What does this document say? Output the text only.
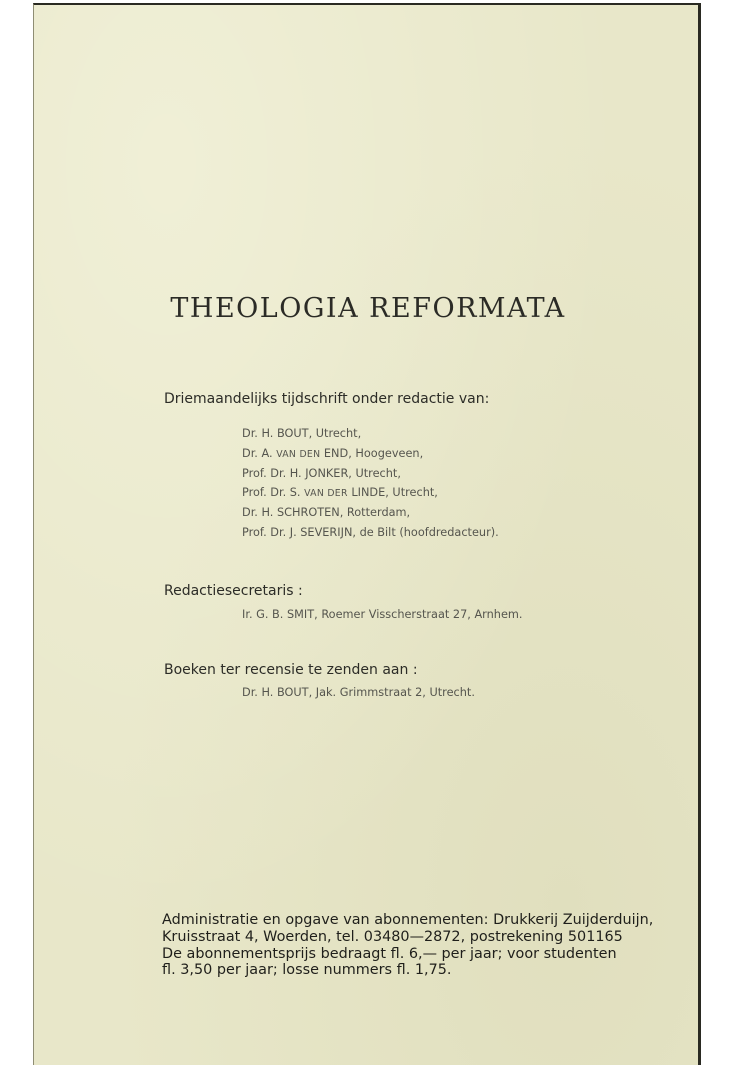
THEOLOGIA REFORMATA
Driemaandelijks tijdschrift onder redactie van:
Dr. H. BOUT, Utrecht,
Dr. A. VAN DEN END, Hoogeveen,
Prof. Dr. H. JONKER, Utrecht,
Prof. Dr. S. VAN DER LINDE, Utrecht,
Dr. H. SCHROTEN, Rotterdam,
Prof. Dr. J. SEVERIJN, de Bilt (hoofdredacteur).
Redactiesecretaris :
Ir. G. B. SMIT, Roemer Visscherstraat 27, Arnhem.
Boeken ter recensie te zenden aan :
Dr. H. BOUT, Jak. Grimmstraat 2, Utrecht.

Administratie en opgave van abonnementen: Drukkerij Zuijderduijn,
Kruisstraat 4, Woerden, tel. 03480—2872, postrekening 501165
De abonnementsprijs bedraagt fl. 6,— per jaar; voor studenten
fl. 3,50 per jaar; losse nummers fl. 1,75.
